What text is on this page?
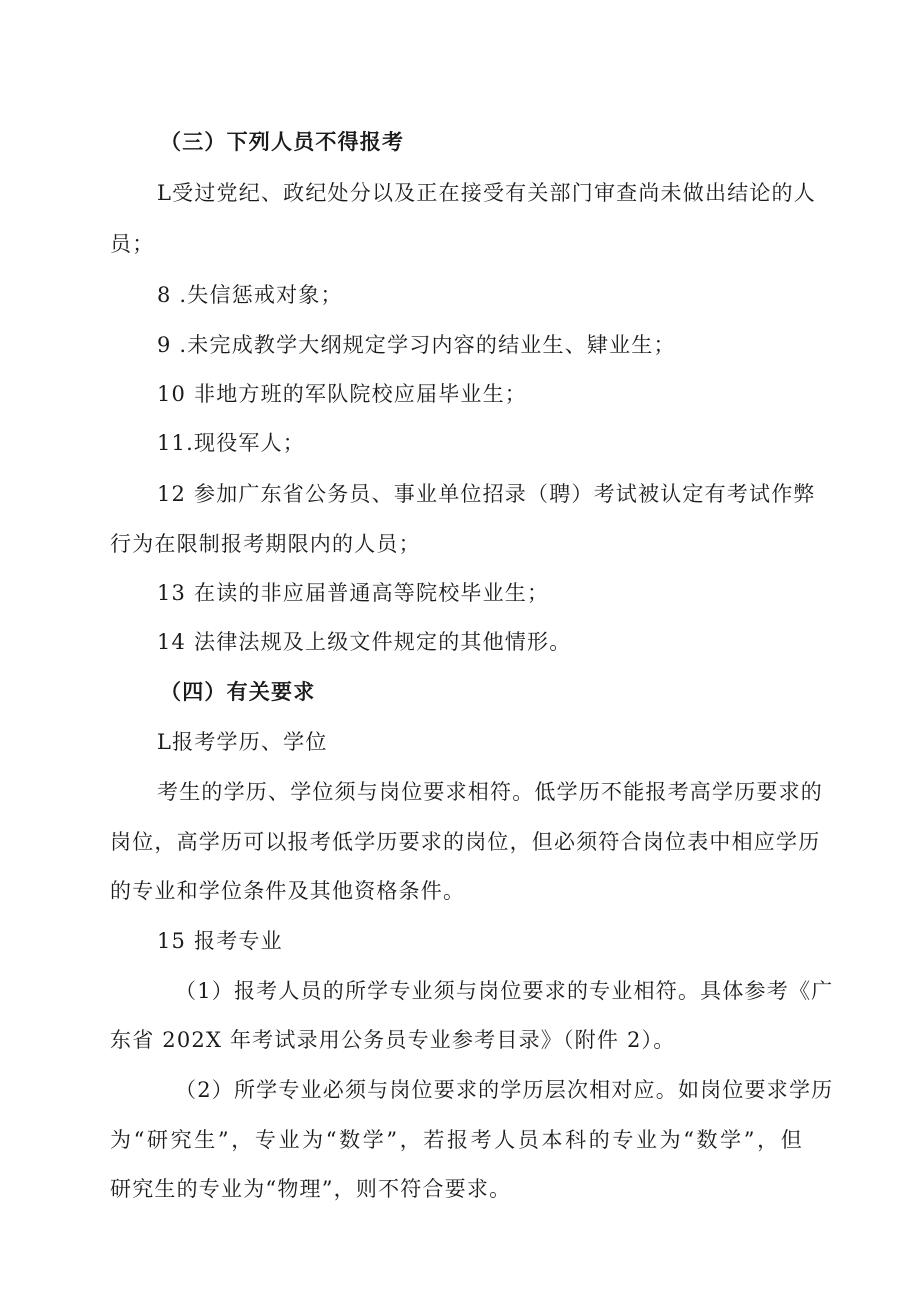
（三）下列人员不得报考
L受过党纪、政纪处分以及正在接受有关部门审查尚未做出结论的人
员；
8 .失信惩戒对象；
9 .未完成教学大纲规定学习内容的结业生、肄业生；
10 非地方班的军队院校应届毕业生；
11.现役军人；
12 参加广东省公务员、事业单位招录（聘）考试被认定有考试作弊
行为在限制报考期限内的人员；
13 在读的非应届普通高等院校毕业生；
14 法律法规及上级文件规定的其他情形。
（四）有关要求
L报考学历、学位
考生的学历、学位须与岗位要求相符。低学历不能报考高学历要求的
岗位，高学历可以报考低学历要求的岗位，但必须符合岗位表中相应学历
的专业和学位条件及其他资格条件。
15 报考专业
（1）报考人员的所学专业须与岗位要求的专业相符。具体参考《广
东省 202X 年考试录用公务员专业参考目录》（附件 2）。
（2）所学专业必须与岗位要求的学历层次相对应。如岗位要求学历
为“研究生”，专业为“数学”，若报考人员本科的专业为“数学”，但
研究生的专业为“物理”，则不符合要求。
